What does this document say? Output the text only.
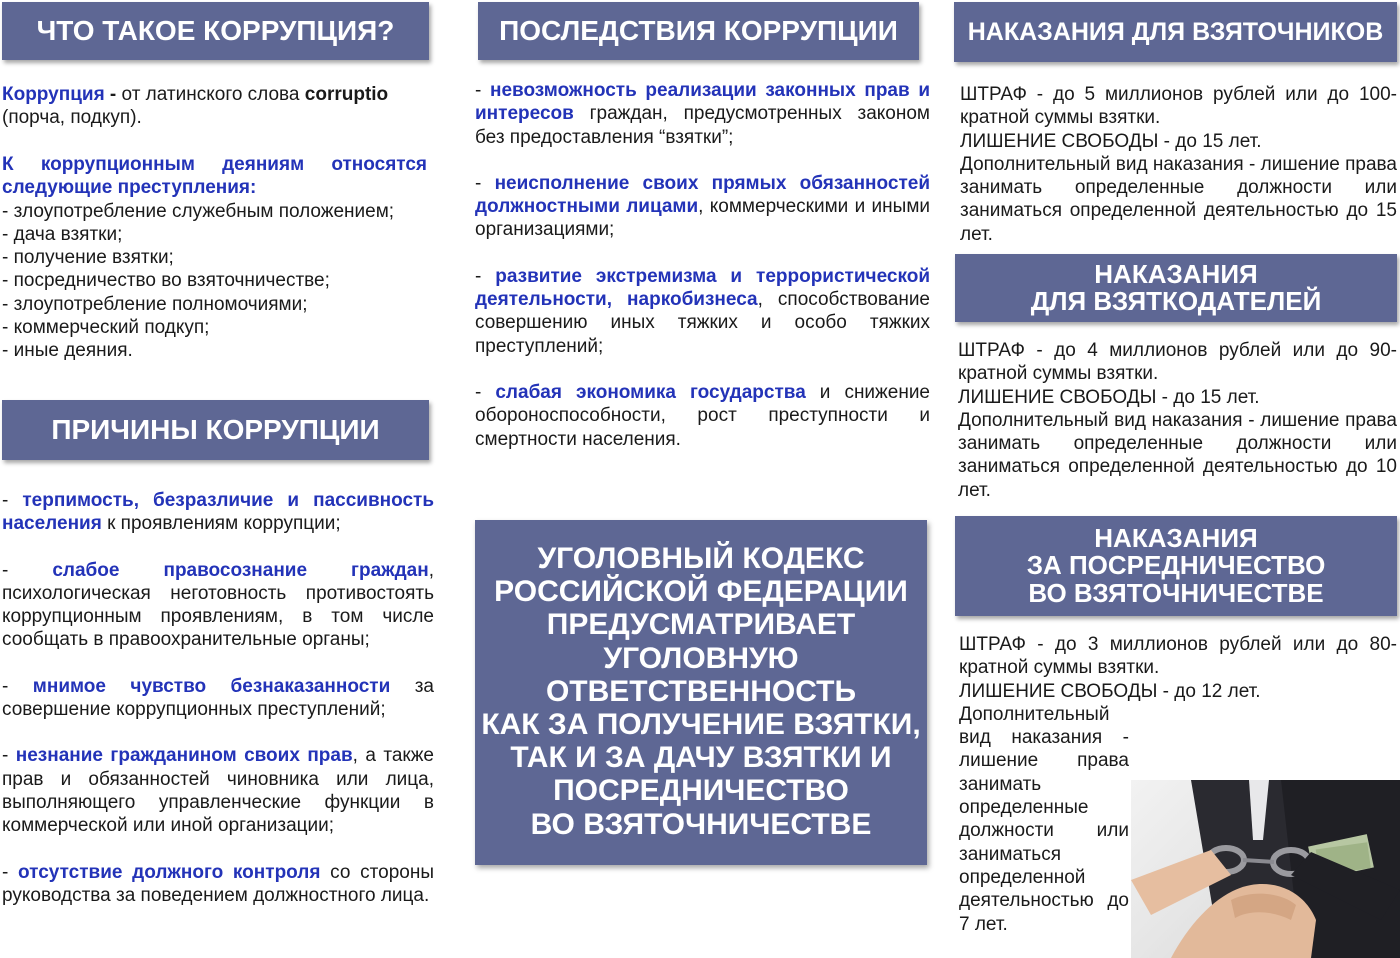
ЧТО ТАКОЕ КОРРУПЦИЯ?

Коррупция - от латинского слова corruptio
(порча, подкуп).

К коррупционным деяниям относятся следующие преступления:

- злоупотребление служебным положением;

- дача взятки;

- получение взятки;

- посредничество во взяточничестве;

- злоупотребление полномочиями;

- коммерческий подкуп;

- иные деяния.

ПРИЧИНЫ КОРРУПЦИИ

- терпимость, безразличие и пассивность населения к проявлениям коррупции;

- слабое правосознание граждан, психологическая неготовность противостоять коррупционным проявлениям, в том числе сообщать в правоохранительные органы;

- мнимое чувство безнаказанности за совершение коррупционных преступлений;

- незнание гражданином своих прав, а также прав и обязанностей чиновника или лица, выполняющего управленческие функции в коммерческой или иной организации;

- отсутствие должного контроля со стороны руководства за поведением должностного лица.

ПОСЛЕДСТВИЯ КОРРУПЦИИ

- невозможность реализации законных прав и интересов граждан, предусмотренных законом без предоставления “взятки”;

- неисполнение своих прямых обязанностей должностными лицами, коммерческими и иными организациями;

- развитие экстремизма и террористической деятельности, наркобизнеса, способствование совершению иных тяжких и особо тяжких преступлений;

- слабая экономика государства и снижение обороноспособности, рост преступности и смертности населения.

УГОЛОВНЫЙ КОДЕКС
РОССИЙСКОЙ ФЕДЕРАЦИИ
ПРЕДУСМАТРИВАЕТ
УГОЛОВНУЮ
ОТВЕТСТВЕННОСТЬ
КАК ЗА ПОЛУЧЕНИЕ ВЗЯТКИ,
ТАК И ЗА ДАЧУ ВЗЯТКИ И
ПОСРЕДНИЧЕСТВО
ВО ВЗЯТОЧНИЧЕСТВЕ
НАКАЗАНИЯ ДЛЯ ВЗЯТОЧНИКОВ

ШТРАФ - до 5 миллионов рублей или до 100-кратной суммы взятки.

ЛИШЕНИЕ СВОБОДЫ - до 15 лет.

Дополнительный вид наказания - лишение права занимать определенные должности или заниматься определенной деятельностью до 15 лет.

НАКАЗАНИЯ
ДЛЯ ВЗЯТКОДАТЕЛЕЙ

ШТРАФ - до 4 миллионов рублей или до 90-кратной суммы взятки.

ЛИШЕНИЕ СВОБОДЫ - до 15 лет.

Дополнительный вид наказания - лишение права занимать определенные должности или заниматься определенной деятельностью до 10 лет.

НАКАЗАНИЯ
ЗА ПОСРЕДНИЧЕСТВО
ВО ВЗЯТОЧНИЧЕСТВЕ

ШТРАФ - до 3 миллионов рублей или до 80-кратной суммы взятки.

ЛИШЕНИЕ СВОБОДЫ - до 12 лет.

Дополнительный вид наказания - лишение права занимать определенные должности или заниматься определенной деятельностью до 7 лет.
